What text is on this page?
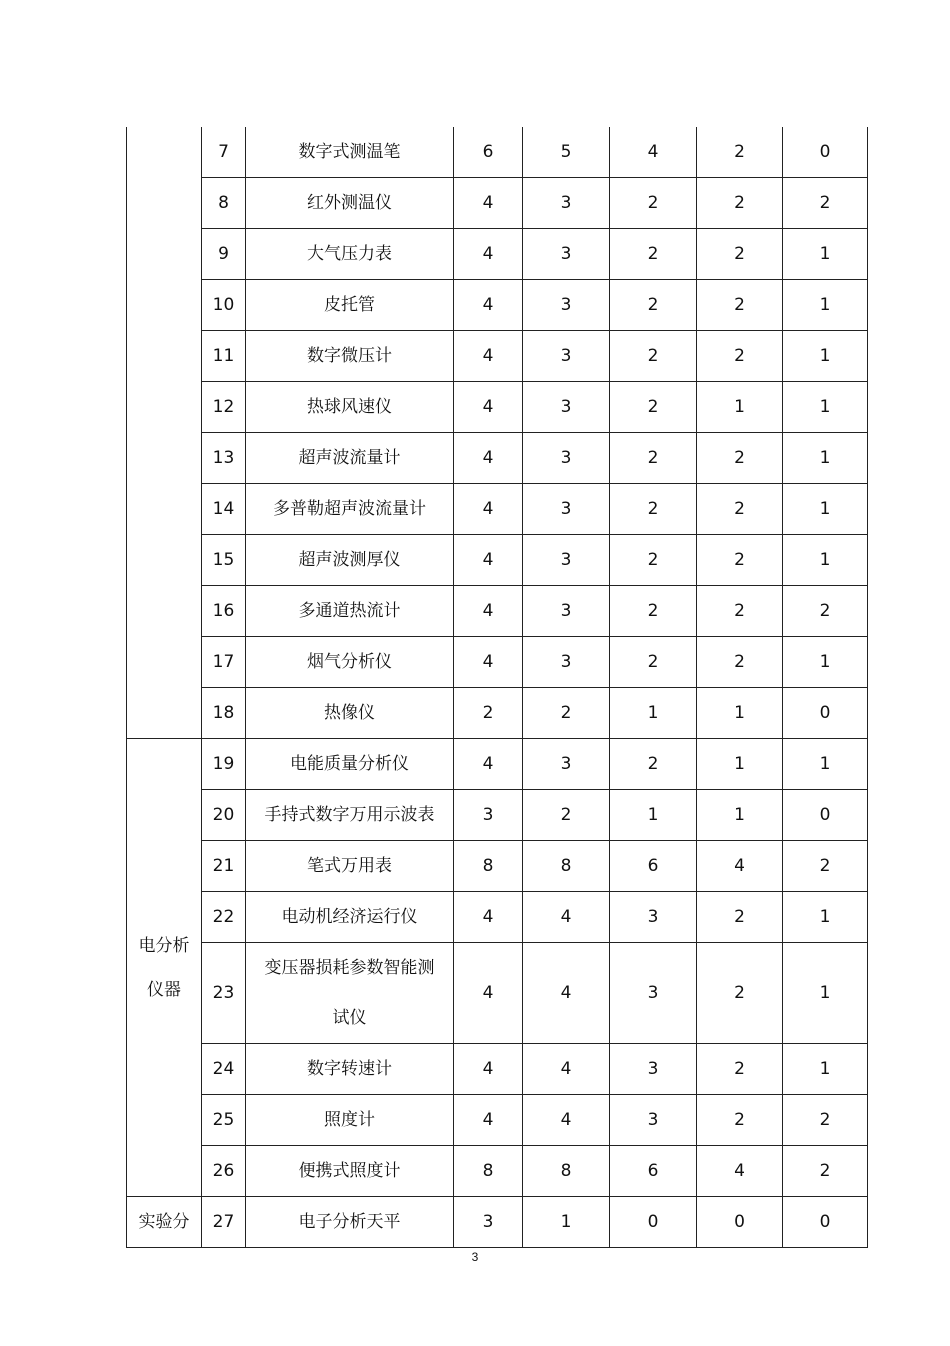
	7	数字式测温笔	6	5	4	2	0
	8	红外测温仪	4	3	2	2	2
	9	大气压力表	4	3	2	2	1
	10	皮托管	4	3	2	2	1
	11	数字微压计	4	3	2	2	1
	12	热球风速仪	4	3	2	1	1
	13	超声波流量计	4	3	2	2	1
	14	多普勒超声波流量计	4	3	2	2	1
	15	超声波测厚仪	4	3	2	2	1
	16	多通道热流计	4	3	2	2	2
	17	烟气分析仪	4	3	2	2	1
	18	热像仪	2	2	1	1	0
电分析仪器	19	电能质量分析仪	4	3	2	1	1
	20	手持式数字万用示波表	3	2	1	1	0
	21	笔式万用表	8	8	6	4	2
	22	电动机经济运行仪	4	4	3	2	1
	23	变压器损耗参数智能测试仪	4	4	3	2	1
	24	数字转速计	4	4	3	2	1
	25	照度计	4	4	3	2	2
	26	便携式照度计	8	8	6	4	2
实验分	27	电子分析天平	3	1	0	0	0
3
